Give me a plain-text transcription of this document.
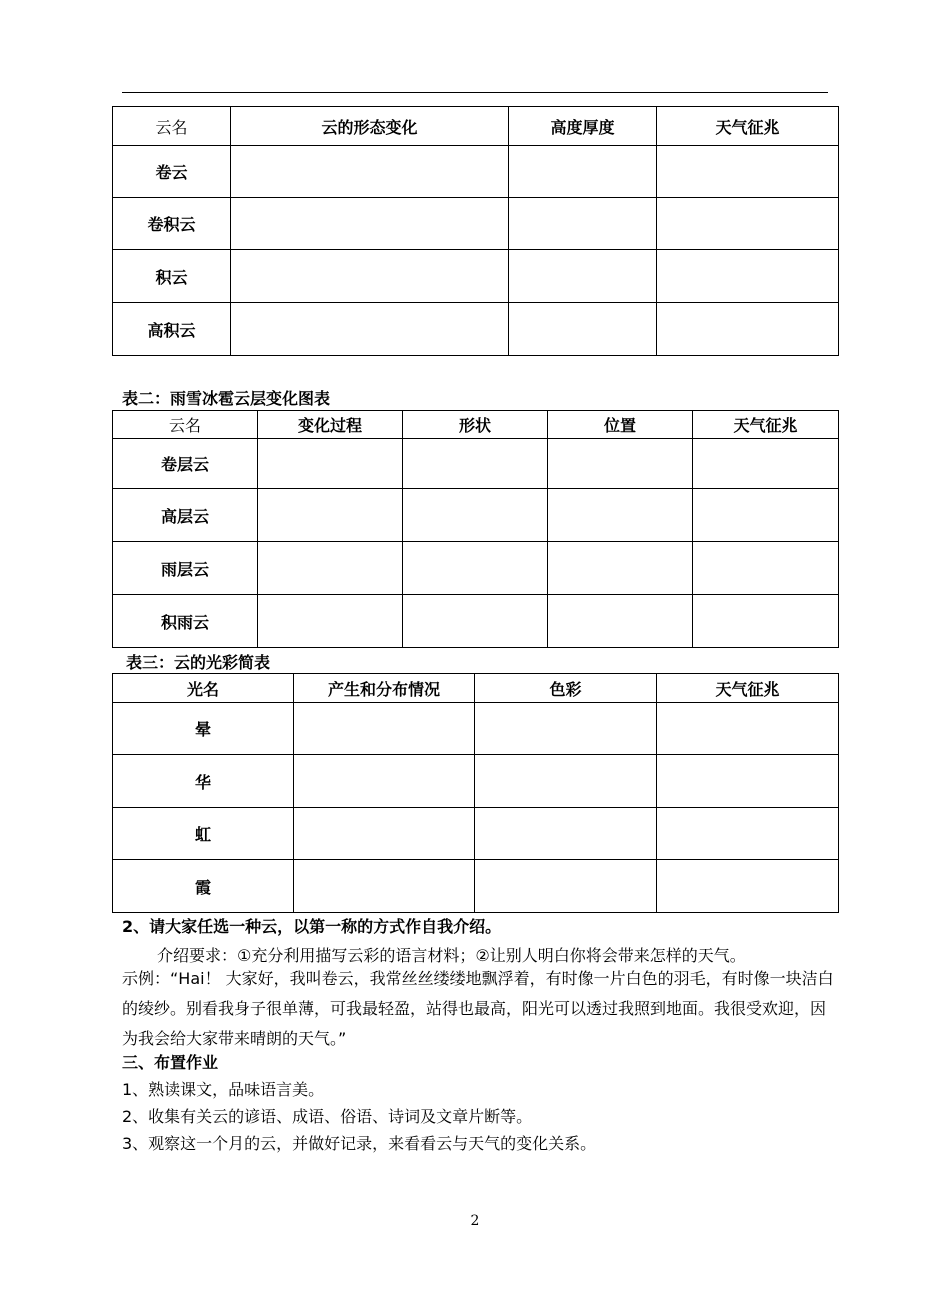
云名	云的形态变化	高度厚度	天气征兆
卷云			
卷积云			
积云			
高积云			
表二：雨雪冰雹云层变化图表
云名	变化过程	形状	位置	天气征兆
卷层云				
高层云				
雨层云				
积雨云				
表三：云的光彩简表
光名	产生和分布情况	色彩	天气征兆
晕			
华			
虹			
霞			
2、请大家任选一种云，以第一称的方式作自我介绍。
介绍要求：①充分利用描写云彩的语言材料；②让别人明白你将会带来怎样的天气。
示例：“Hai！ 大家好，我叫卷云，我常丝丝缕缕地飘浮着，有时像一片白色的羽毛，有时像一块洁白的绫纱。别看我身子很单薄，可我最轻盈，站得也最高，阳光可以透过我照到地面。我很受欢迎，因为我会给大家带来晴朗的天气。”
三、布置作业
1、熟读课文，品味语言美。
2、收集有关云的谚语、成语、俗语、诗词及文章片断等。
3、观察这一个月的云，并做好记录，来看看云与天气的变化关系。
2
